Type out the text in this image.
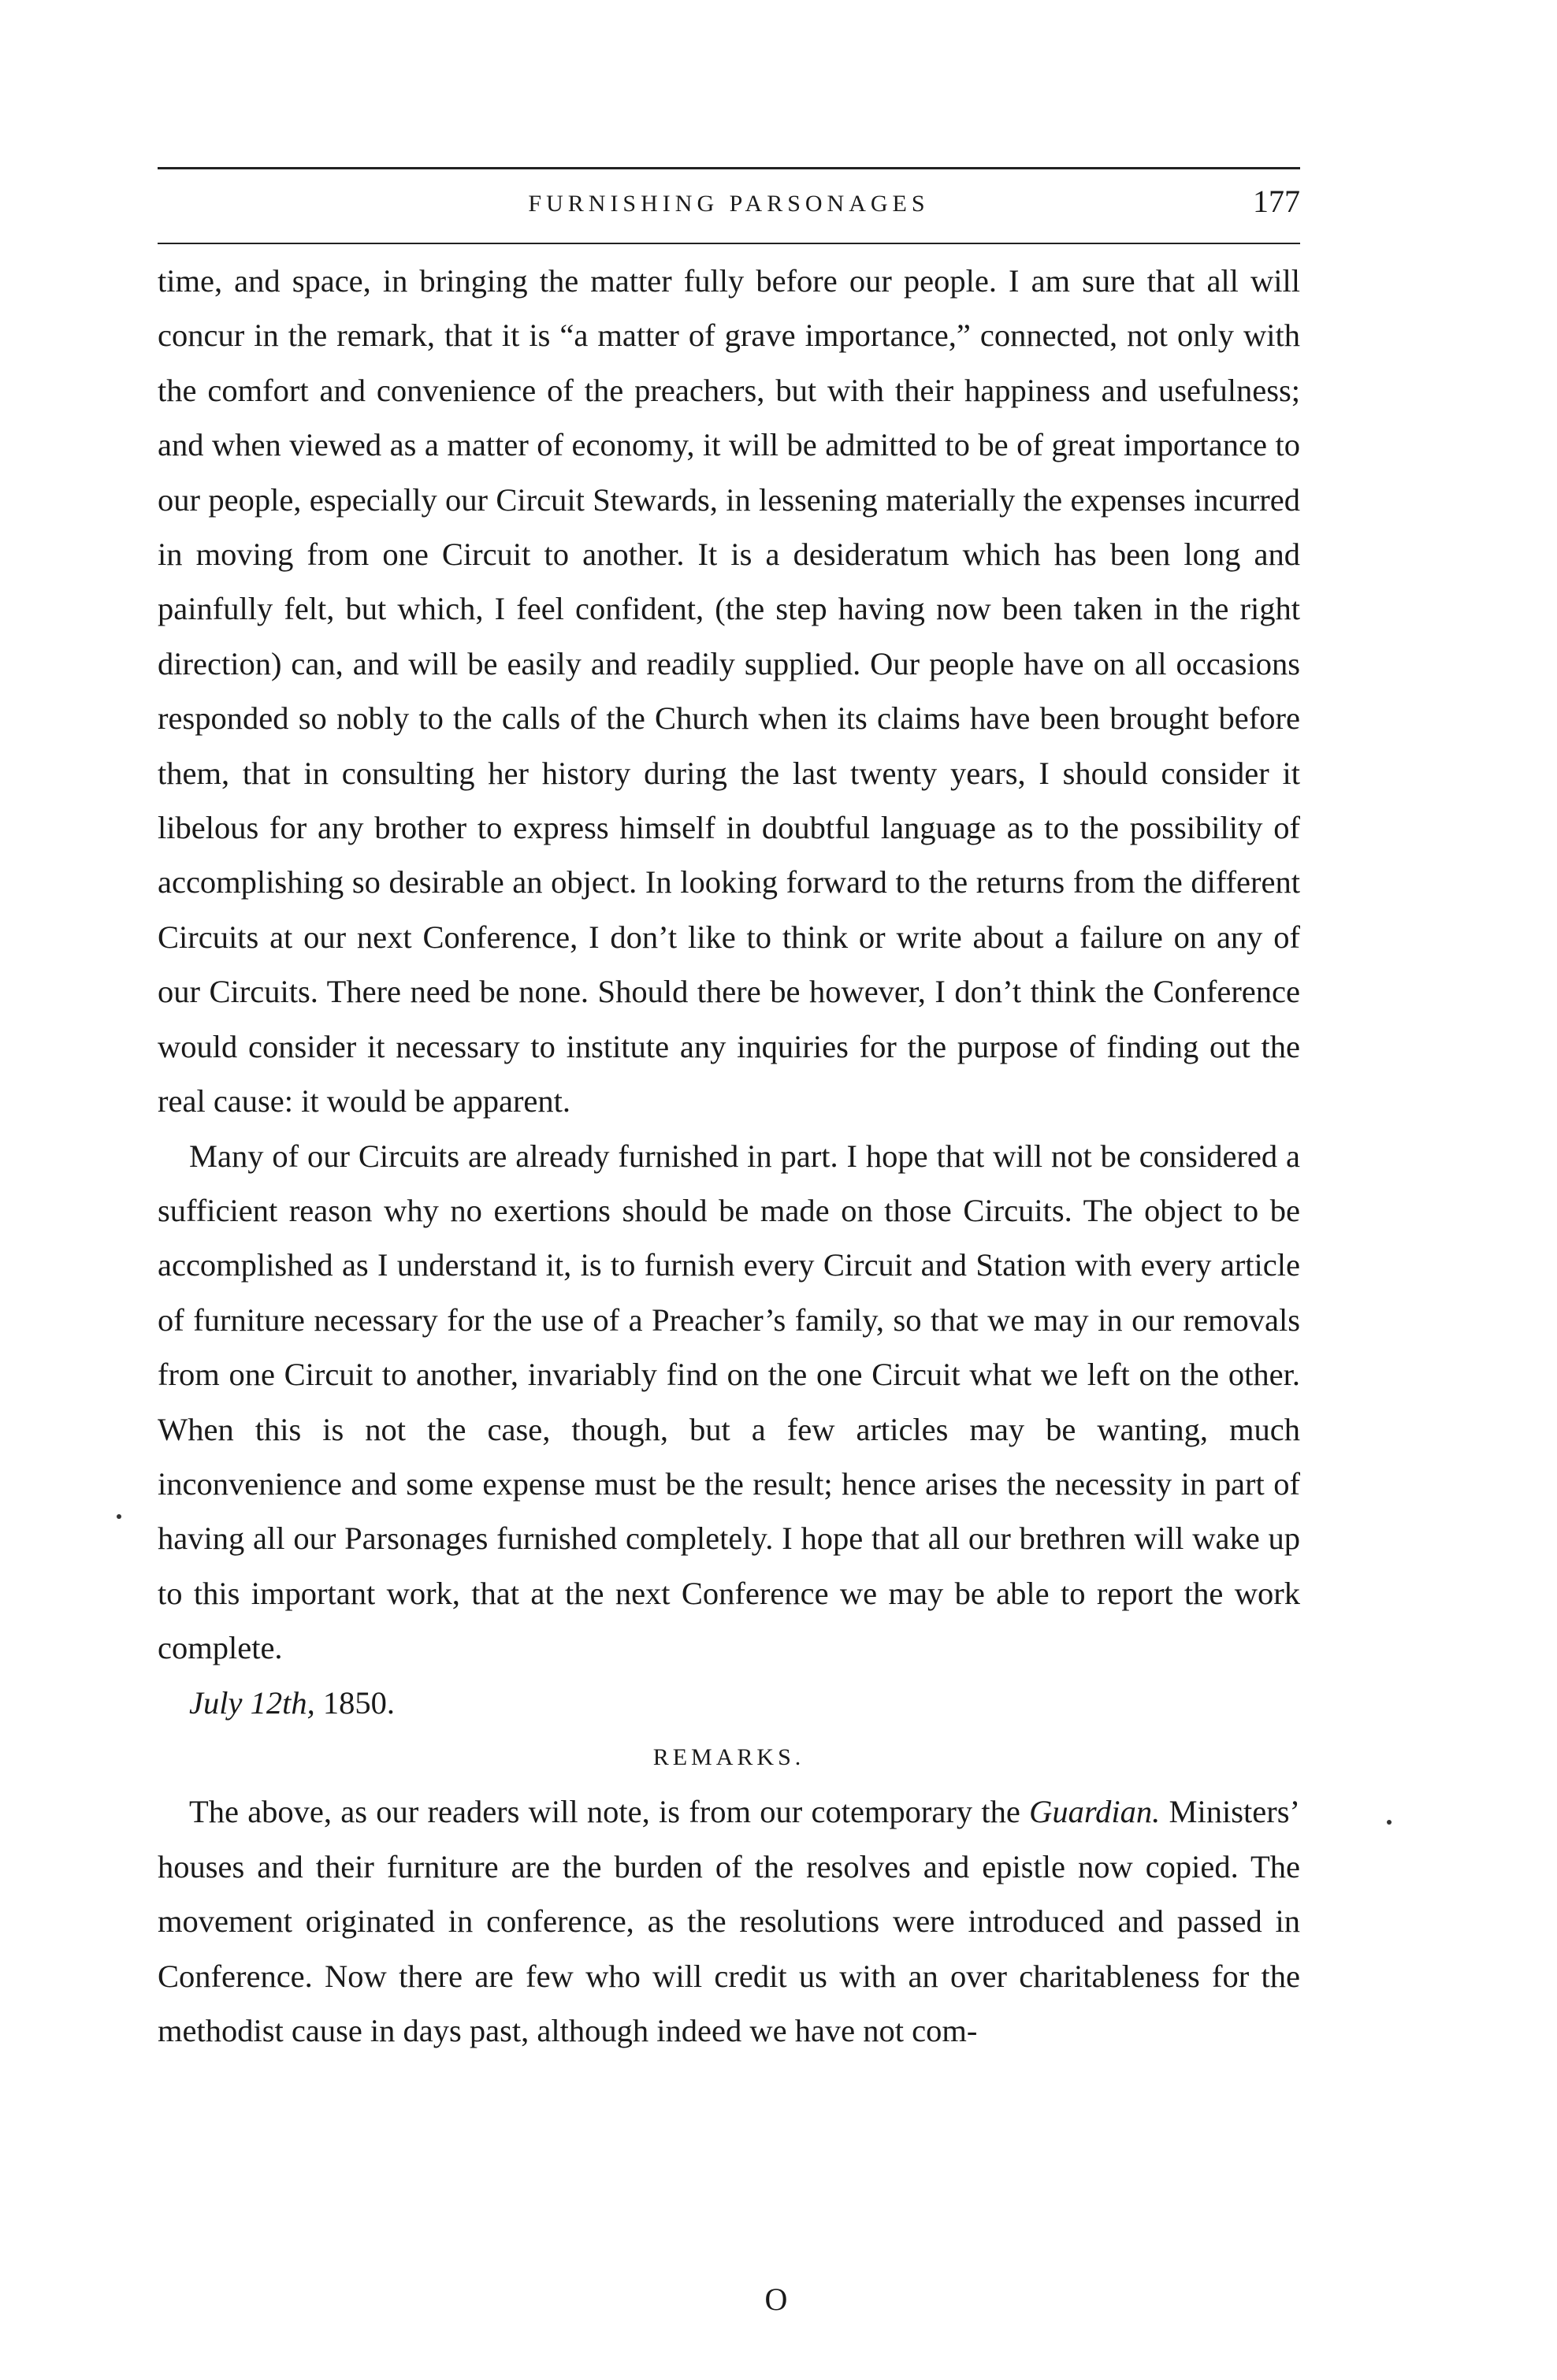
FURNISHING PARSONAGES	177

time, and space, in bringing the matter fully before our people. I am sure that all will concur in the remark, that it is “a matter of grave importance,” connected, not only with the comfort and convenience of the preachers, but with their happiness and usefulness; and when viewed as a matter of economy, it will be admitted to be of great importance to our people, especially our Circuit Stewards, in lessening materially the expenses incurred in moving from one Circuit to another. It is a desideratum which has been long and painfully felt, but which, I feel confident, (the step having now been taken in the right direction) can, and will be easily and readily supplied. Our people have on all occasions responded so nobly to the calls of the Church when its claims have been brought before them, that in consulting her history during the last twenty years, I should consider it libelous for any brother to express himself in doubtful language as to the possibility of accomplishing so desirable an object. In looking forward to the returns from the different Circuits at our next Conference, I don’t like to think or write about a failure on any of our Circuits. There need be none. Should there be however, I don’t think the Conference would consider it necessary to institute any inquiries for the purpose of finding out the real cause: it would be apparent.

Many of our Circuits are already furnished in part. I hope that will not be considered a sufficient reason why no exertions should be made on those Circuits. The object to be accomplished as I understand it, is to furnish every Circuit and Station with every article of furniture necessary for the use of a Preacher’s family, so that we may in our removals from one Circuit to another, invariably find on the one Circuit what we left on the other. When this is not the case, though, but a few articles may be wanting, much inconvenience and some expense must be the result; hence arises the necessity in part of having all our Parsonages furnished completely. I hope that all our brethren will wake up to this important work, that at the next Conference we may be able to report the work complete.

July 12th, 1850.

REMARKS.

The above, as our readers will note, is from our cotemporary the Guardian. Ministers’ houses and their furniture are the burden of the resolves and epistle now copied. The movement originated in conference, as the resolutions were introduced and passed in Conference. Now there are few who will credit us with an over charitableness for the methodist cause in days past, although indeed we have not com-

O
